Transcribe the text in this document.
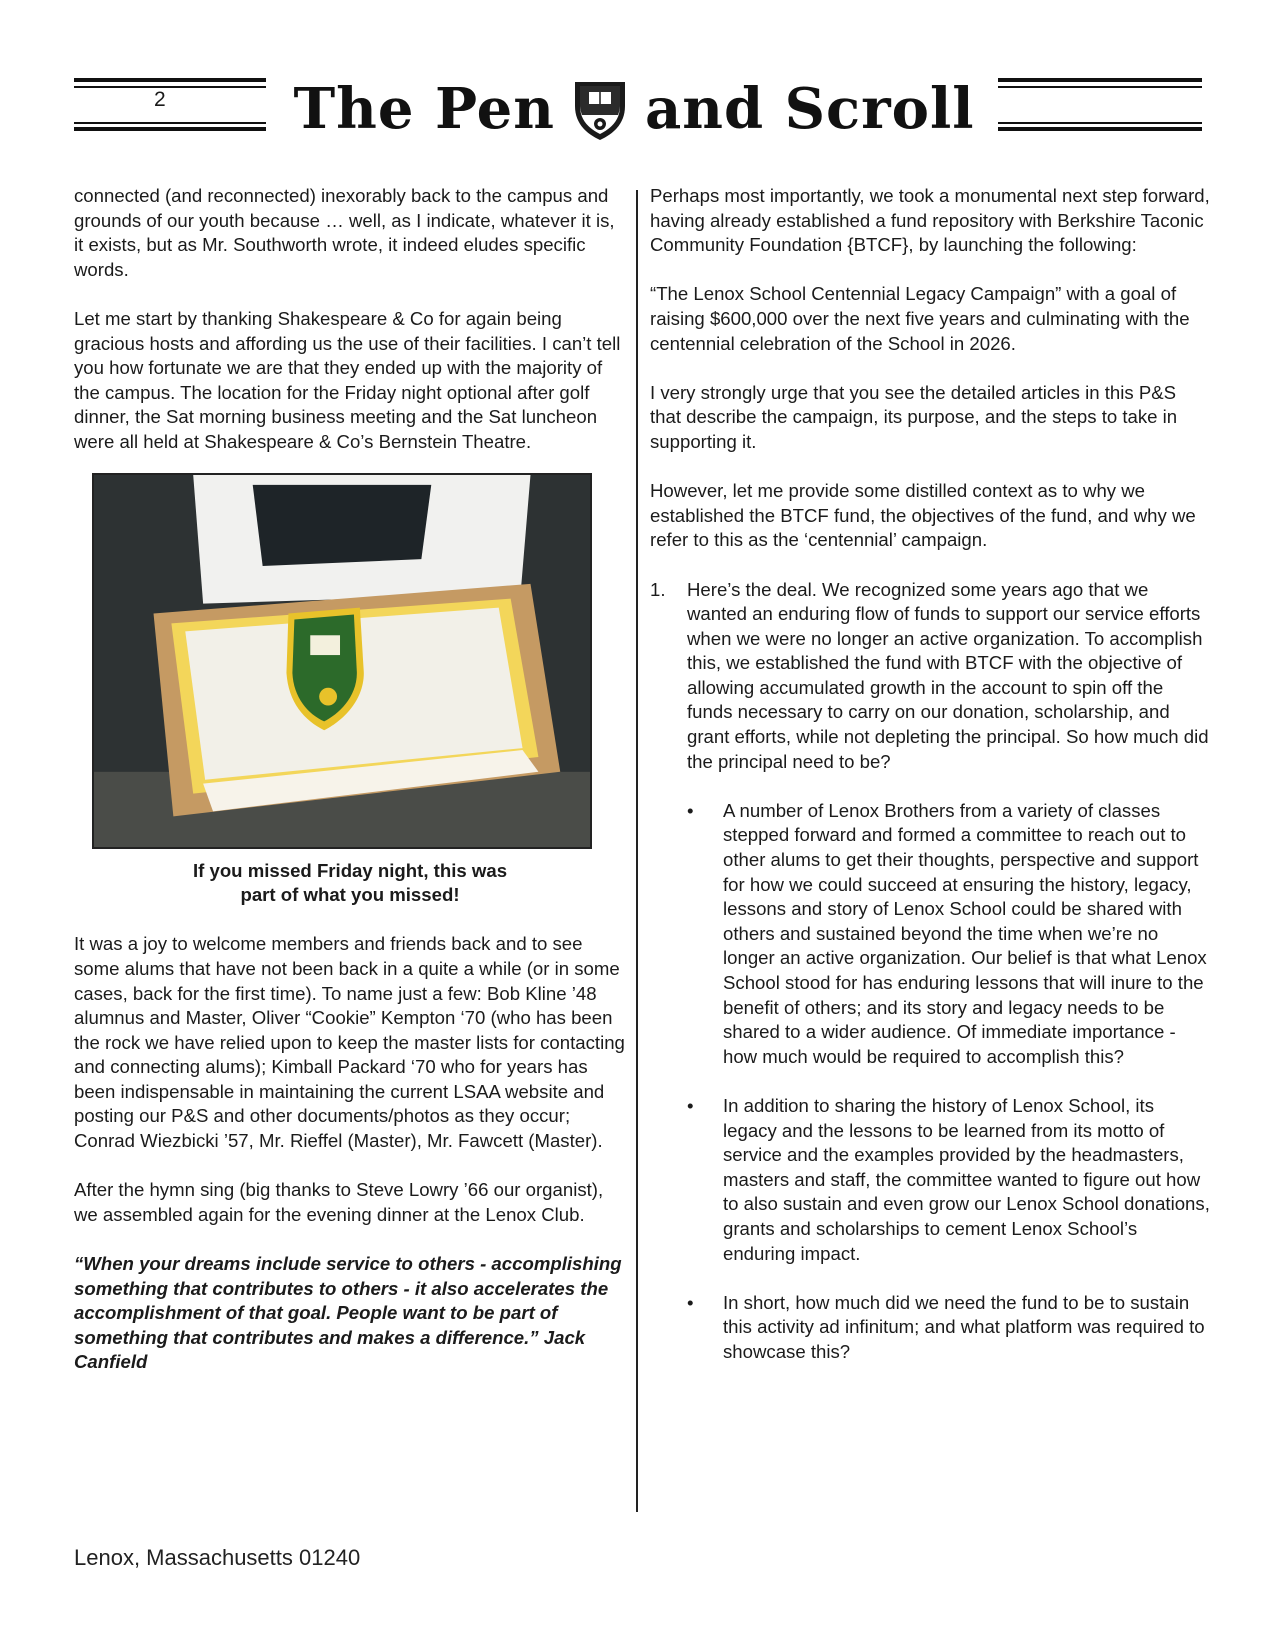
2 The Pen and Scroll

connected (and reconnected) inexorably back to the campus and grounds of our youth because … well, as I indicate, whatever it is, it exists, but as Mr. Southworth wrote, it indeed eludes specific words.

Let me start by thanking Shakespeare & Co for again being gracious hosts and affording us the use of their facilities. I can’t tell you how fortunate we are that they ended up with the majority of the campus. The location for the Friday night optional after golf dinner, the Sat morning business meeting and the Sat luncheon were all held at Shakespeare & Co’s Bernstein Theatre.

If you missed Friday night, this was
part of what you missed!

It was a joy to welcome members and friends back and to see some alums that have not been back in a quite a while (or in some cases, back for the first time). To name just a few: Bob Kline ’48 alumnus and Master, Oliver “Cookie” Kempton ‘70 (who has been the rock we have relied upon to keep the master lists for contacting and connecting alums); Kimball Packard ‘70 who for years has been indispensable in maintaining the current LSAA website and posting our P&S and other documents/photos as they occur; Conrad Wiezbicki ’57, Mr. Rieffel (Master), Mr. Fawcett (Master).

After the hymn sing (big thanks to Steve Lowry ’66 our organist), we assembled again for the evening dinner at the Lenox Club.

“When your dreams include service to others - accomplishing something that contributes to others - it also accelerates the accomplishment of that goal. People want to be part of something that contributes and makes a difference.” Jack Canfield

Perhaps most importantly, we took a monumental next step forward, having already established a fund repository with Berkshire Taconic Community Foundation {BTCF}, by launching the following:

“The Lenox School Centennial Legacy Campaign” with a goal of raising $600,000 over the next five years and culminating with the centennial celebration of the School in 2026.

I very strongly urge that you see the detailed articles in this P&S that describe the campaign, its purpose, and the steps to take in supporting it.

However, let me provide some distilled context as to why we established the BTCF fund, the objectives of the fund, and why we refer to this as the ‘centennial’ campaign.

1. Here’s the deal. We recognized some years ago that we wanted an enduring flow of funds to support our service efforts when we were no longer an active organization. To accomplish this, we established the fund with BTCF with the objective of allowing accumulated growth in the account to spin off the funds necessary to carry on our donation, scholarship, and grant efforts, while not depleting the principal. So how much did the principal need to be?
• A number of Lenox Brothers from a variety of classes stepped forward and formed a committee to reach out to other alums to get their thoughts, perspective and support for how we could succeed at ensuring the history, legacy, lessons and story of Lenox School could be shared with others and sustained beyond the time when we’re no longer an active organization. Our belief is that what Lenox School stood for has enduring lessons that will inure to the benefit of others; and its story and legacy needs to be shared to a wider audience. Of immediate importance - how much would be required to accomplish this?
• In addition to sharing the history of Lenox School, its legacy and the lessons to be learned from its motto of service and the examples provided by the headmasters, masters and staff, the committee wanted to figure out how to also sustain and even grow our Lenox School donations, grants and scholarships to cement Lenox School’s enduring impact.
• In short, how much did we need the fund to be to sustain this activity ad infinitum; and what platform was required to showcase this?
Lenox, Massachusetts 01240
